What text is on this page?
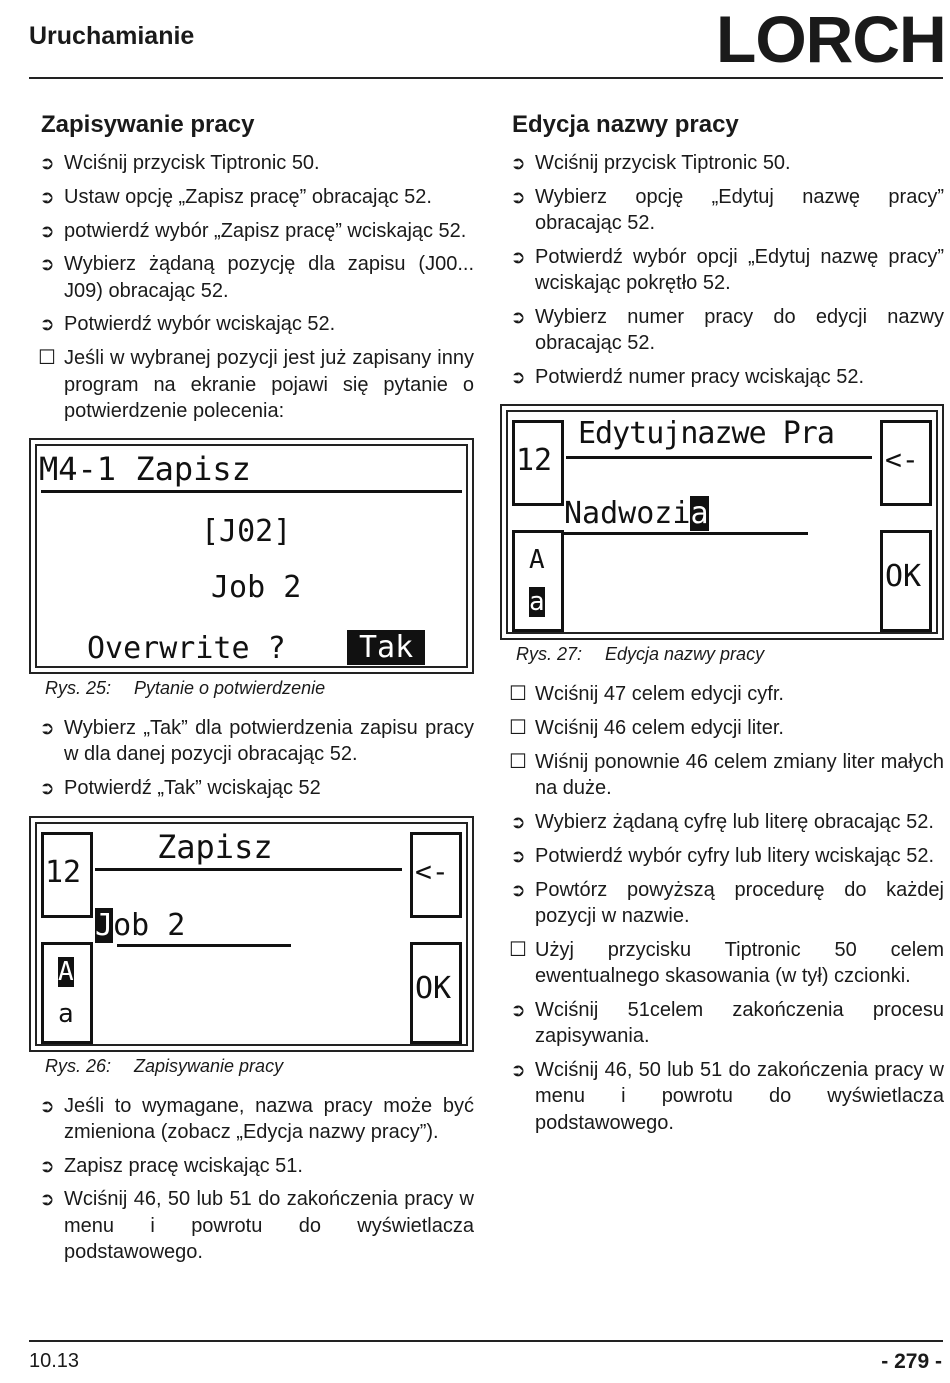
Uruchamianie	LORCH
Zapisywanie pracy
➲ Wciśnij przycisk Tiptronic 50.
➲ Ustaw opcję „Zapisz pracę” obracając 52.
➲ potwierdź wybór „Zapisz pracę” wciskając 52.
➲ Wybierz żądaną pozycję dla zapisu (J00... J09) obracając 52.
➲ Potwierdź wybór wciskając 52.
☐ Jeśli w wybranej pozycji jest już zapisany inny program na ekranie pojawi się pytanie o potwierdzenie polecenia:
M4-1 Zapisz
[J02]
Job 2
Overwrite ?	Tak
Rys. 25: Pytanie o potwierdzenie
➲ Wybierz „Tak” dla potwierdzenia zapisu pracy w dla danej pozycji obracając 52.
➲ Potwierdź „Tak” wciskając 52
12
Zapisz
<-
Job 2
A
a
OK
Rys. 26: Zapisywanie pracy
➲ Jeśli to wymagane, nazwa pracy może być zmieniona (zobacz „Edycja nazwy pracy”).
➲ Zapisz pracę wciskając 51.
➲ Wciśnij 46, 50 lub 51 do zakończenia pracy w menu i powrotu do wyświetlacza podstawowego.
Edycja nazwy pracy
➲ Wciśnij przycisk Tiptronic 50.
➲ Wybierz opcję „Edytuj nazwę pracy” obracając 52.
➲ Potwierdź wybór opcji „Edytuj nazwę pracy” wciskając pokrętło 52.
➲ Wybierz numer pracy do edycji nazwy obracając 52.
➲ Potwierdź numer pracy wciskając 52.
12
Edytujnazwe Pra
<-
Nadwozia
A
a
OK
Rys. 27: Edycja nazwy pracy
☐ Wciśnij 47 celem edycji cyfr.
☐ Wciśnij 46 celem edycji liter.
☐ Wiśnij ponownie 46 celem zmiany liter małych na duże.
➲ Wybierz żądaną cyfrę lub literę obracając 52.
➲ Potwierdź wybór cyfry lub litery wciskając 52.
➲ Powtórz powyższą procedurę do każdej pozycji w nazwie.
☐ Użyj przycisku Tiptronic 50 celem ewentualnego skasowania (w tył) czcionki.
➲ Wciśnij 51celem zakończenia procesu zapisywania.
➲ Wciśnij 46, 50 lub 51 do zakończenia pracy w menu i powrotu do wyświetlacza podstawowego.
10.13	- 279 -
